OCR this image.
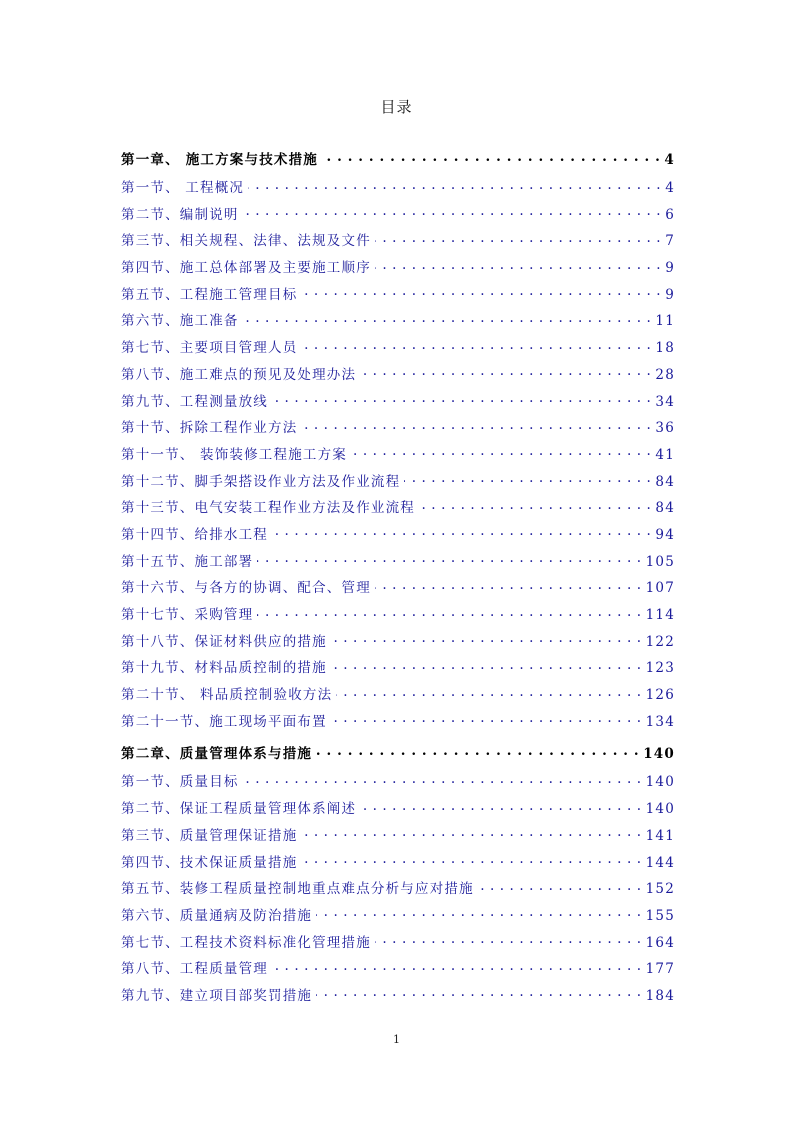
目录
第一章、 施工方案与技术措施 . . .	4
第一节、 工程概况 . . .	4
第二节、编制说明 . . .	6
第三节、相关规程、法律、法规及文件 . . .	7
第四节、施工总体部署及主要施工顺序 . . .	9
第五节、工程施工管理目标 . . .	9
第六节、施工准备 . . .	11
第七节、主要项目管理人员 . . .	18
第八节、施工难点的预见及处理办法 . . .	28
第九节、工程测量放线 . . .	34
第十节、拆除工程作业方法 . . .	36
第十一节、 装饰装修工程施工方案 . . .	41
第十二节、脚手架搭设作业方法及作业流程 . . .	84
第十三节、电气安装工程作业方法及作业流程 . . .	84
第十四节、给排水工程 . . .	94
第十五节、施工部署 . . .	105
第十六节、与各方的协调、配合、管理 . . .	107
第十七节、采购管理 . . .	114
第十八节、保证材料供应的措施 . . .	122
第十九节、材料品质控制的措施 . . .	123
第二十节、 料品质控制验收方法 . . .	126
第二十一节、施工现场平面布置 . . .	134
第二章、质量管理体系与措施 . . .	140
第一节、质量目标 . . .	140
第二节、保证工程质量管理体系阐述 . . .	140
第三节、质量管理保证措施 . . .	141
第四节、技术保证质量措施 . . .	144
第五节、装修工程质量控制地重点难点分析与应对措施 . . .	152
第六节、质量通病及防治措施 . . .	155
第七节、工程技术资料标准化管理措施 . . .	164
第八节、工程质量管理 . . .	177
第九节、建立项目部奖罚措施 . . .	184
1
